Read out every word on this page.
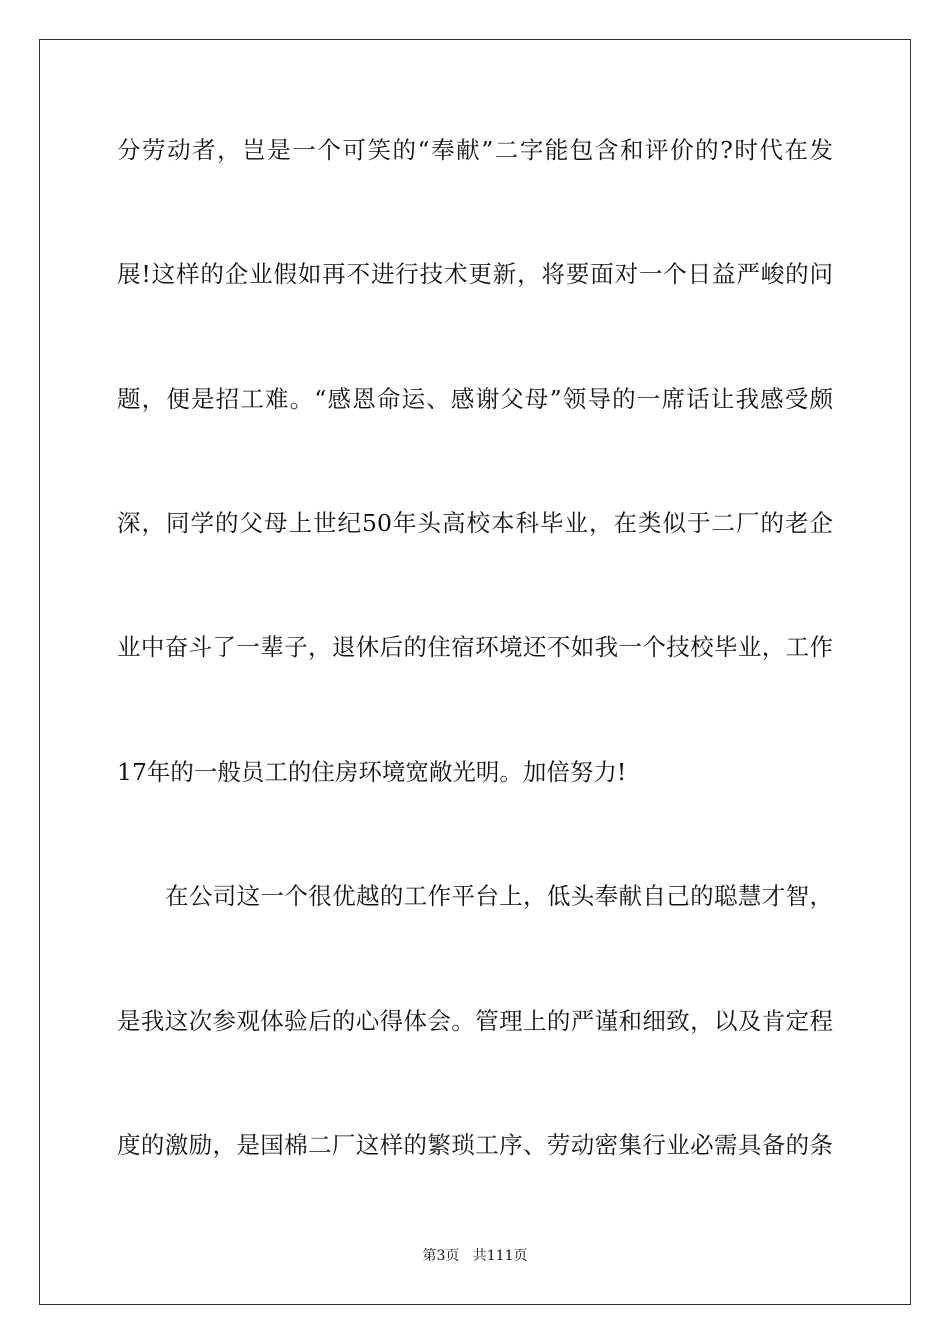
分劳动者，岂是一个可笑的“奉献”二字能包含和评价的?时代在发
展!这样的企业假如再不进行技术更新，将要面对一个日益严峻的问
题，便是招工难。“感恩命运、感谢父母”领导的一席话让我感受颇
深，同学的父母上世纪50年头高校本科毕业，在类似于二厂的老企
业中奋斗了一辈子，退休后的住宿环境还不如我一个技校毕业，工作
17年的一般员工的住房环境宽敞光明。加倍努力!
在公司这一个很优越的工作平台上，低头奉献自己的聪慧才智，
是我这次参观体验后的心得体会。管理上的严谨和细致，以及肯定程
度的激励，是国棉二厂这样的繁琐工序、劳动密集行业必需具备的条
第3页   共111页
